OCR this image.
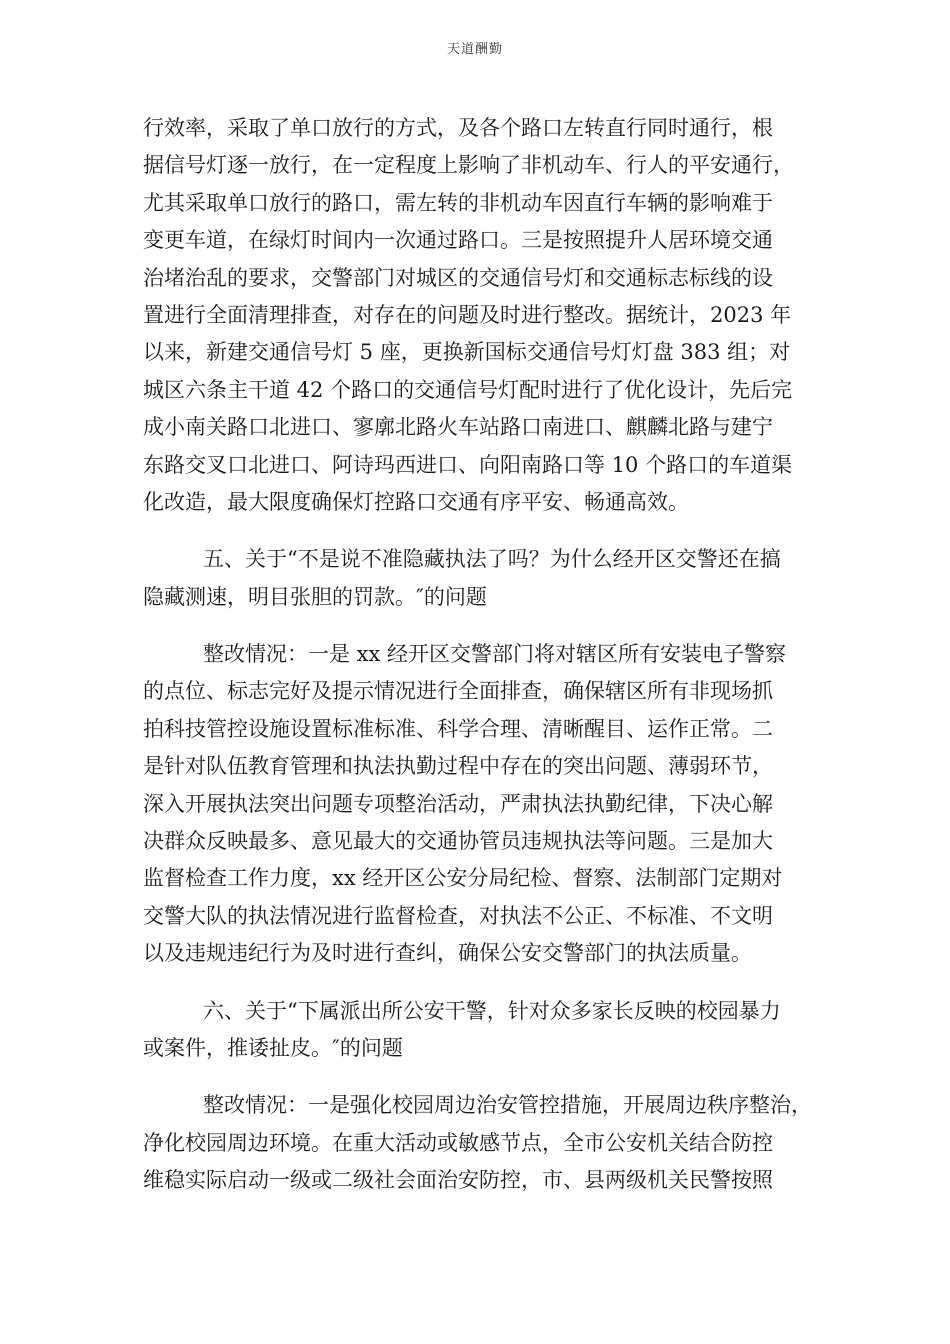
天道酬勤

行效率，采取了单口放行的方式，及各个路口左转直行同时通行，根
据信号灯逐一放行，在一定程度上影响了非机动车、行人的平安通行，
尤其采取单口放行的路口，需左转的非机动车因直行车辆的影响难于
变更车道，在绿灯时间内一次通过路口。三是按照提升人居环境交通
治堵治乱的要求，交警部门对城区的交通信号灯和交通标志标线的设
置进行全面清理排查，对存在的问题及时进行整改。据统计，2023 年
以来，新建交通信号灯 5 座，更换新国标交通信号灯灯盘 383 组；对
城区六条主干道 42 个路口的交通信号灯配时进行了优化设计，先后完
成小南关路口北进口、寥廓北路火车站路口南进口、麒麟北路与建宁
东路交叉口北进口、阿诗玛西进口、向阳南路口等 10 个路口的车道渠
化改造，最大限度确保灯控路口交通有序平安、畅通高效。

五、关于“不是说不准隐藏执法了吗？为什么经开区交警还在搞
隐藏测速，明目张胆的罚款。″的问题

整改情况：一是 xx 经开区交警部门将对辖区所有安装电子警察
的点位、标志完好及提示情况进行全面排查，确保辖区所有非现场抓
拍科技管控设施设置标准标准、科学合理、清晰醒目、运作正常。二
是针对队伍教育管理和执法执勤过程中存在的突出问题、薄弱环节，
深入开展执法突出问题专项整治活动，严肃执法执勤纪律，下决心解
决群众反映最多、意见最大的交通协管员违规执法等问题。三是加大
监督检查工作力度，xx 经开区公安分局纪检、督察、法制部门定期对
交警大队的执法情况进行监督检查，对执法不公正、不标准、不文明
以及违规违纪行为及时进行查纠，确保公安交警部门的执法质量。

六、关于“下属派出所公安干警，针对众多家长反映的校园暴力
或案件，推诿扯皮。″的问题

整改情况：一是强化校园周边治安管控措施，开展周边秩序整治，
净化校园周边环境。在重大活动或敏感节点，全市公安机关结合防控
维稳实际启动一级或二级社会面治安防控，市、县两级机关民警按照
